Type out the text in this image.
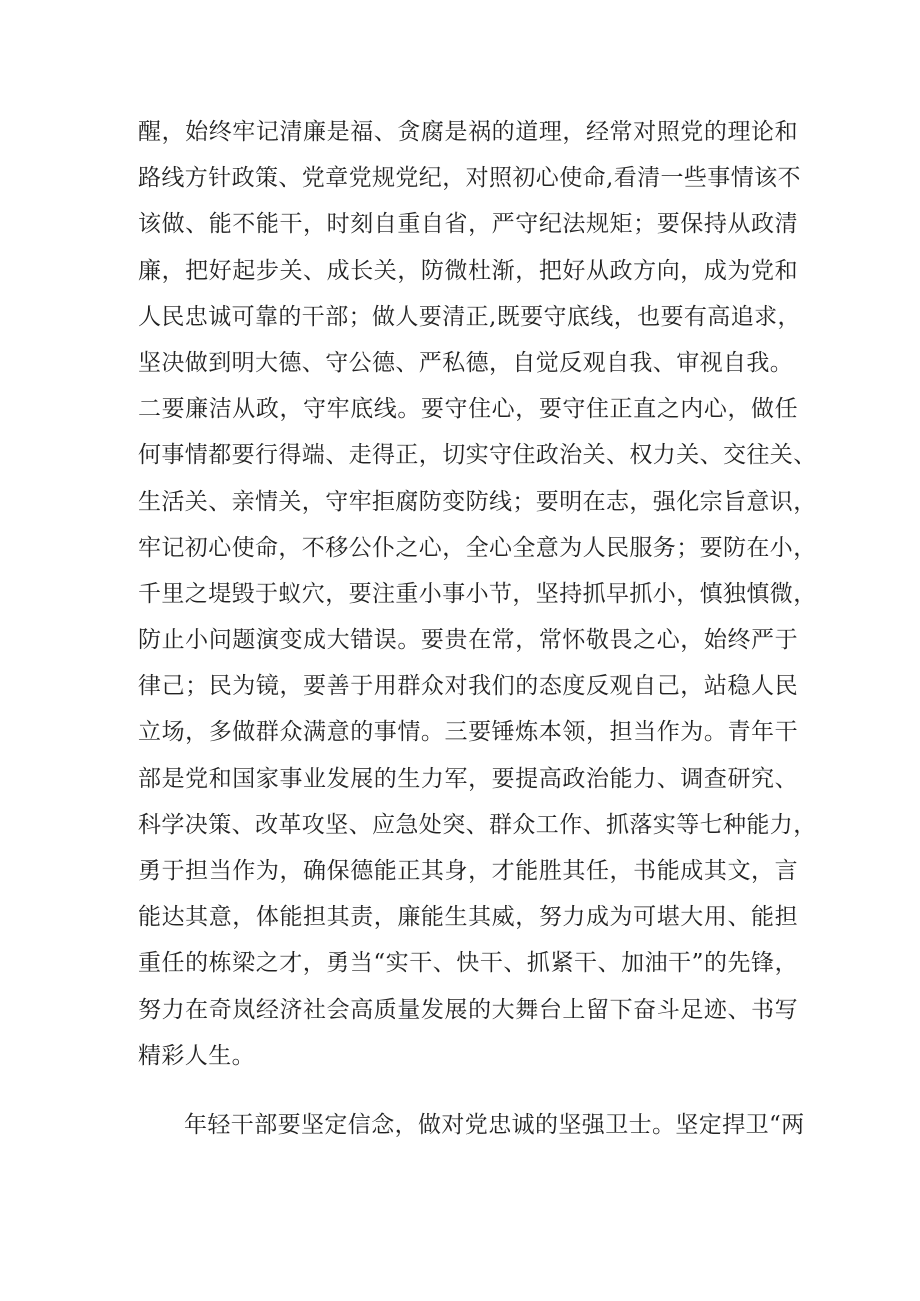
醒，始终牢记清廉是福、贪腐是祸的道理，经常对照党的理论和
路线方针政策、党章党规党纪，对照初心使命,看清一些事情该不
该做、能不能干，时刻自重自省，严守纪法规矩；要保持从政清
廉，把好起步关、成长关，防微杜渐，把好从政方向，成为党和
人民忠诚可靠的干部；做人要清正,既要守底线，也要有高追求，
坚决做到明大德、守公德、严私德，自觉反观自我、审视自我。
二要廉洁从政，守牢底线。要守住心，要守住正直之内心，做任
何事情都要行得端、走得正，切实守住政治关、权力关、交往关、
生活关、亲情关，守牢拒腐防变防线；要明在志，强化宗旨意识，
牢记初心使命，不移公仆之心，全心全意为人民服务；要防在小，
千里之堤毁于蚁穴，要注重小事小节，坚持抓早抓小，慎独慎微，
防止小问题演变成大错误。要贵在常，常怀敬畏之心，始终严于
律己；民为镜，要善于用群众对我们的态度反观自己，站稳人民
立场，多做群众满意的事情。三要锤炼本领，担当作为。青年干
部是党和国家事业发展的生力军，要提高政治能力、调查研究、
科学决策、改革攻坚、应急处突、群众工作、抓落实等七种能力，
勇于担当作为，确保德能正其身，才能胜其任，书能成其文，言
能达其意，体能担其责，廉能生其威，努力成为可堪大用、能担
重任的栋梁之才，勇当“实干、快干、抓紧干、加油干”的先锋，
努力在奇岚经济社会高质量发展的大舞台上留下奋斗足迹、书写
精彩人生。
年轻干部要坚定信念，做对党忠诚的坚强卫士。坚定捍卫“两
